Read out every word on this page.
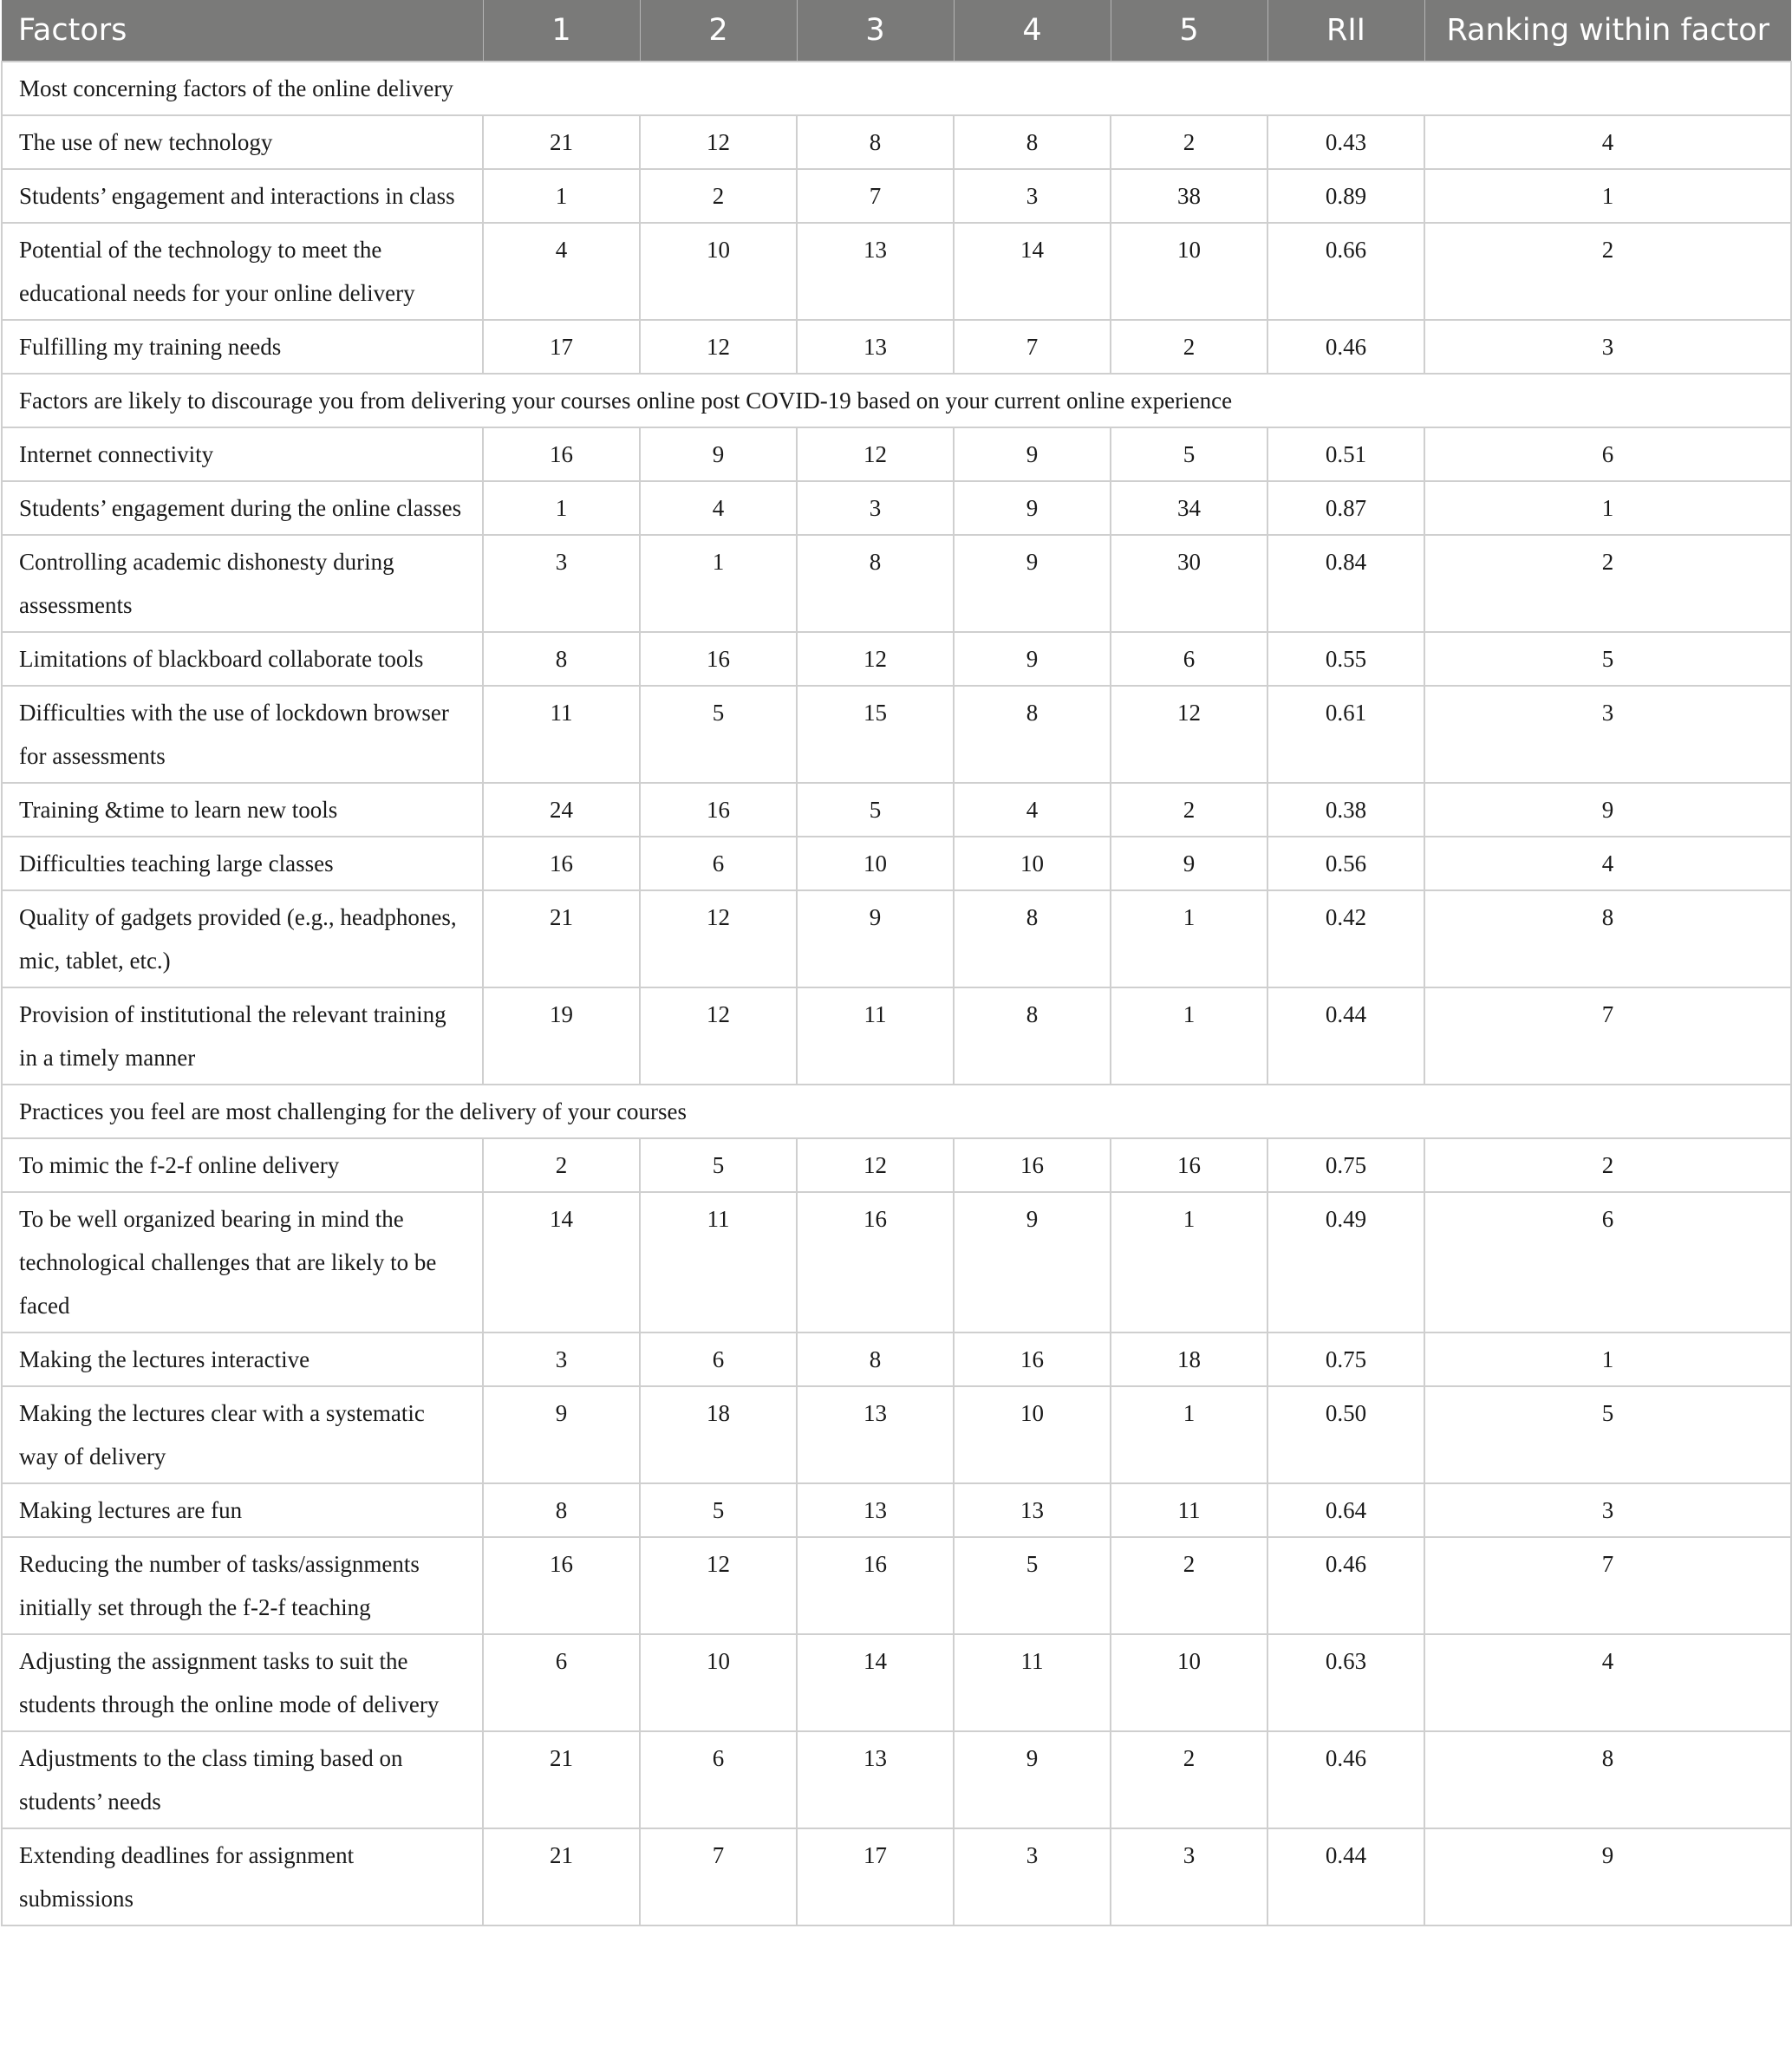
Factors	1	2	3	4	5	RII	Ranking within factor
Most concerning factors of the online delivery							
The use of new technology	21	12	8	8	2	0.43	4
Students’ engagement and interactions in class	1	2	7	3	38	0.89	1
Potential of the technology to meet the educational needs for your online delivery	4	10	13	14	10	0.66	2
Fulfilling my training needs	17	12	13	7	2	0.46	3
Factors are likely to discourage you from delivering your courses online post COVID-19 based on your current online experience							
Internet connectivity	16	9	12	9	5	0.51	6
Students’ engagement during the online classes	1	4	3	9	34	0.87	1
Controlling academic dishonesty during assessments	3	1	8	9	30	0.84	2
Limitations of blackboard collaborate tools	8	16	12	9	6	0.55	5
Difficulties with the use of lockdown browser for assessments	11	5	15	8	12	0.61	3
Training &time to learn new tools	24	16	5	4	2	0.38	9
Difficulties teaching large classes	16	6	10	10	9	0.56	4
Quality of gadgets provided (e.g., headphones, mic, tablet, etc.)	21	12	9	8	1	0.42	8
Provision of institutional the relevant training in a timely manner	19	12	11	8	1	0.44	7
Practices you feel are most challenging for the delivery of your courses							
To mimic the f-2-f online delivery	2	5	12	16	16	0.75	2
To be well organized bearing in mind the technological challenges that are likely to be faced	14	11	16	9	1	0.49	6
Making the lectures interactive	3	6	8	16	18	0.75	1
Making the lectures clear with a systematic way of delivery	9	18	13	10	1	0.50	5
Making lectures are fun	8	5	13	13	11	0.64	3
Reducing the number of tasks/assignments initially set through the f-2-f teaching	16	12	16	5	2	0.46	7
Adjusting the assignment tasks to suit the students through the online mode of delivery	6	10	14	11	10	0.63	4
Adjustments to the class timing based on students’ needs	21	6	13	9	2	0.46	8
Extending deadlines for assignment submissions	21	7	17	3	3	0.44	9
